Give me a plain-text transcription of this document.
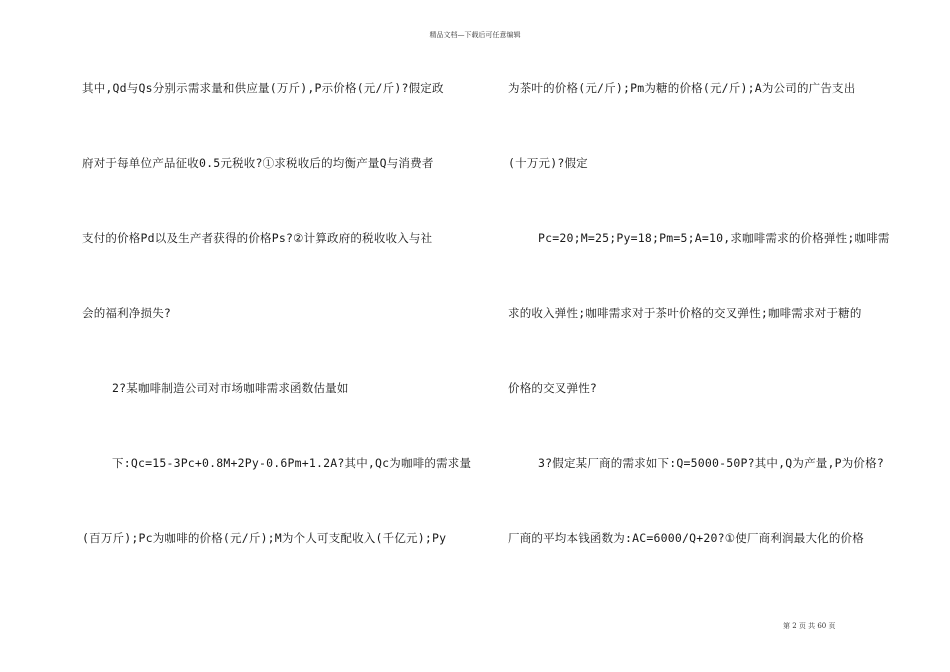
精品文档—下载后可任意编辑
其中,Qd与Qs分别示需求量和供应量(万斤),P示价格(元/斤)?假定政
府对于每单位产品征收0.5元税收?①求税收后的均衡产量Q与消费者
支付的价格Pd以及生产者获得的价格Ps?②计算政府的税收收入与社
会的福利净损失?
2?某咖啡制造公司对市场咖啡需求函数估量如
下:Qc=15-3Pc+0.8M+2Py-0.6Pm+1.2A?其中,Qc为咖啡的需求量
(百万斤);Pc为咖啡的价格(元/斤);M为个人可支配收入(千亿元);Py
为茶叶的价格(元/斤);Pm为糖的价格(元/斤);A为公司的广告支出
(十万元)?假定
Pc=20;M=25;Py=18;Pm=5;A=10,求咖啡需求的价格弹性;咖啡需
求的收入弹性;咖啡需求对于茶叶价格的交叉弹性;咖啡需求对于糖的
价格的交叉弹性?
3?假定某厂商的需求如下:Q=5000-50P?其中,Q为产量,P为价格?
厂商的平均本钱函数为:AC=6000/Q+20?①使厂商利润最大化的价格
第 2 页 共 60 页
